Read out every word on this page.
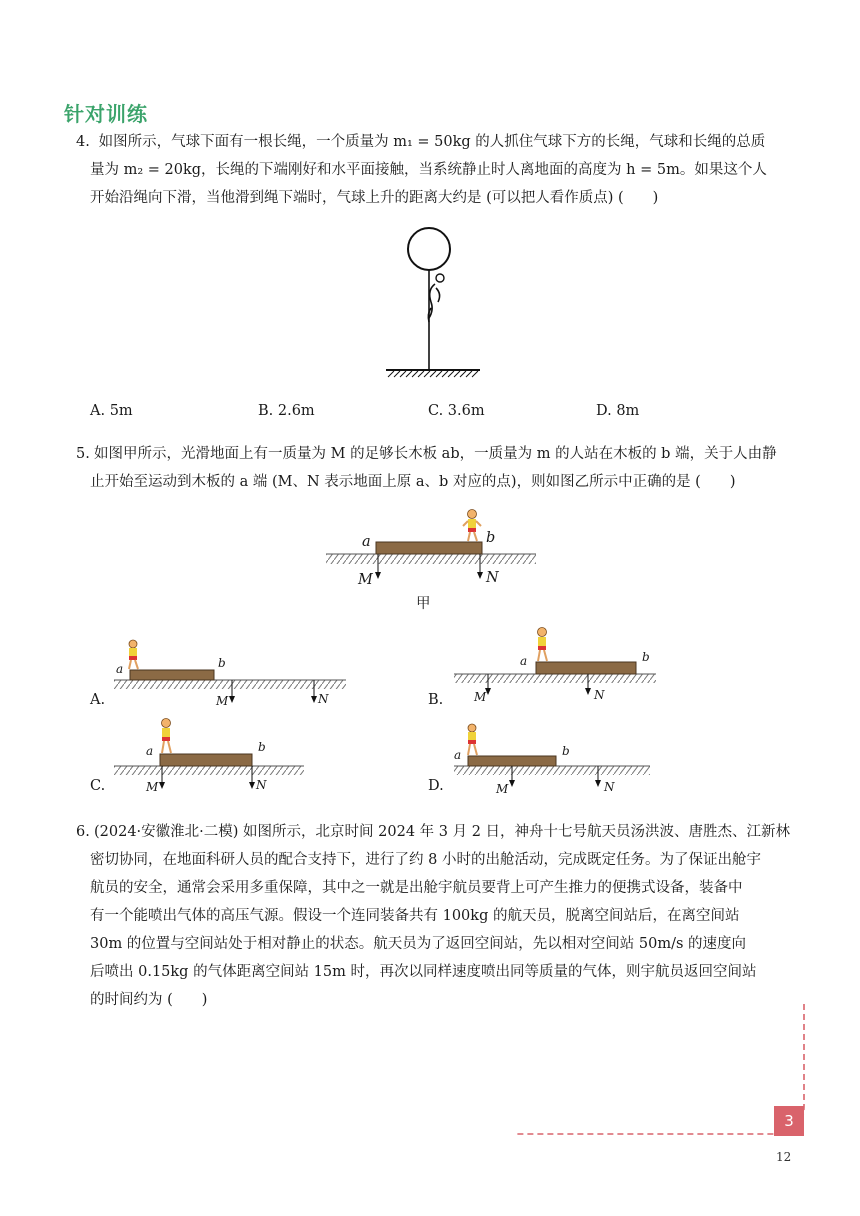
针对训练
4. 如图所示，气球下面有一根长绳，一个质量为 m₁ = 50kg 的人抓住气球下方的长绳，气球和长绳的总质
量为 m₂ = 20kg，长绳的下端刚好和水平面接触，当系统静止时人离地面的高度为 h = 5m。如果这个人
开始沿绳向下滑，当他滑到绳下端时，气球上升的距离大约是 (可以把人看作质点) (　　)
A. 5m	B. 2.6m	C. 3.6m	D. 8m
5. 如图甲所示，光滑地面上有一质量为 M 的足够长木板 ab，一质量为 m 的人站在木板的 b 端，关于人由静
止开始至运动到木板的 a 端 (M、N 表示地面上原 a、b 对应的点)，则如图乙所示中正确的是 (　　)
a	b
M	N
甲
A.
a	b
M	N	B.
a	b
M	N
C.
a	b
M	N	D.
a	b
M	N
6. (2024·安徽淮北·二模) 如图所示，北京时间 2024 年 3 月 2 日，神舟十七号航天员汤洪波、唐胜杰、江新林
密切协同，在地面科研人员的配合支持下，进行了约 8 小时的出舱活动，完成既定任务。为了保证出舱宇
航员的安全，通常会采用多重保障，其中之一就是出舱宇航员要背上可产生推力的便携式设备，装备中
有一个能喷出气体的高压气源。假设一个连同装备共有 100kg 的航天员，脱离空间站后，在离空间站
30m 的位置与空间站处于相对静止的状态。航天员为了返回空间站，先以相对空间站 50m/s 的速度向
后喷出 0.15kg 的气体距离空间站 15m 时，再次以同样速度喷出同等质量的气体，则宇航员返回空间站
的时间约为 (　　)
3
12
